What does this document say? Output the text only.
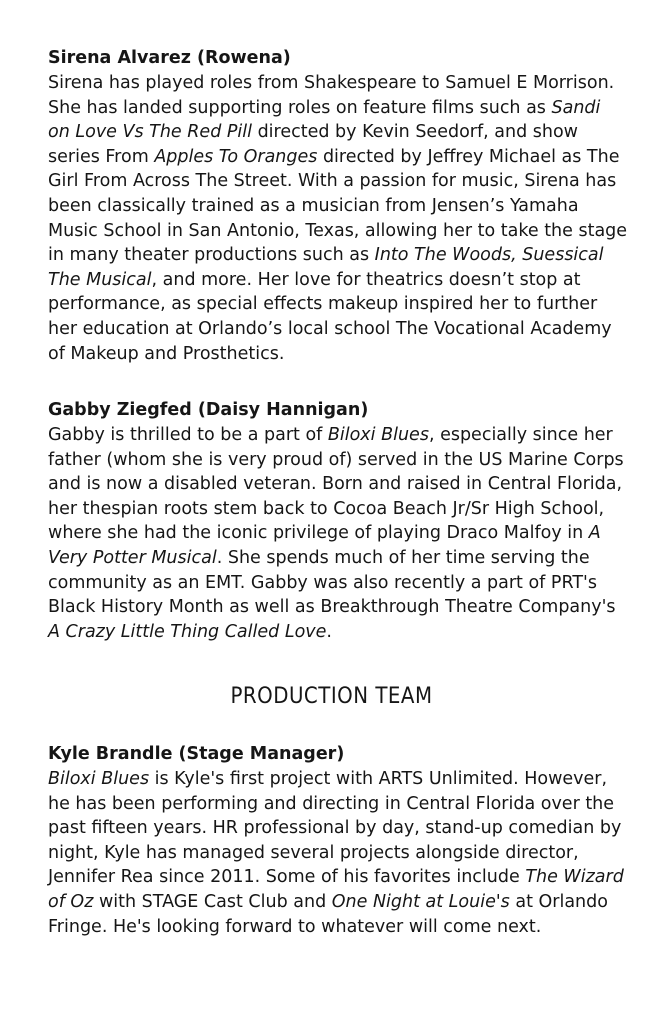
Sirena Alvarez (Rowena)

Sirena has played roles from Shakespeare to Samuel E Morrison.
She has landed supporting roles on feature films such as Sandi
on Love Vs The Red Pill directed by Kevin Seedorf, and show
series From Apples To Oranges directed by Jeffrey Michael as The
Girl From Across The Street. With a passion for music, Sirena has
been classically trained as a musician from Jensen’s Yamaha
Music School in San Antonio, Texas, allowing her to take the stage
in many theater productions such as Into The Woods, Suessical
The Musical, and more. Her love for theatrics doesn’t stop at
performance, as special effects makeup inspired her to further
her education at Orlando’s local school The Vocational Academy
of Makeup and Prosthetics.

Gabby Ziegfed (Daisy Hannigan)

Gabby is thrilled to be a part of Biloxi Blues, especially since her
father (whom she is very proud of) served in the US Marine Corps
and is now a disabled veteran. Born and raised in Central Florida,
her thespian roots stem back to Cocoa Beach Jr/Sr High School,
where she had the iconic privilege of playing Draco Malfoy in A
Very Potter Musical. She spends much of her time serving the
community as an EMT. Gabby was also recently a part of PRT's
Black History Month as well as Breakthrough Theatre Company's
A Crazy Little Thing Called Love.

PRODUCTION TEAM
Kyle Brandle (Stage Manager)

Biloxi Blues is Kyle's first project with ARTS Unlimited. However,
he has been performing and directing in Central Florida over the
past fifteen years. HR professional by day, stand-up comedian by
night, Kyle has managed several projects alongside director,
Jennifer Rea since 2011. Some of his favorites include The Wizard
of Oz with STAGE Cast Club and One Night at Louie's at Orlando
Fringe. He's looking forward to whatever will come next.
